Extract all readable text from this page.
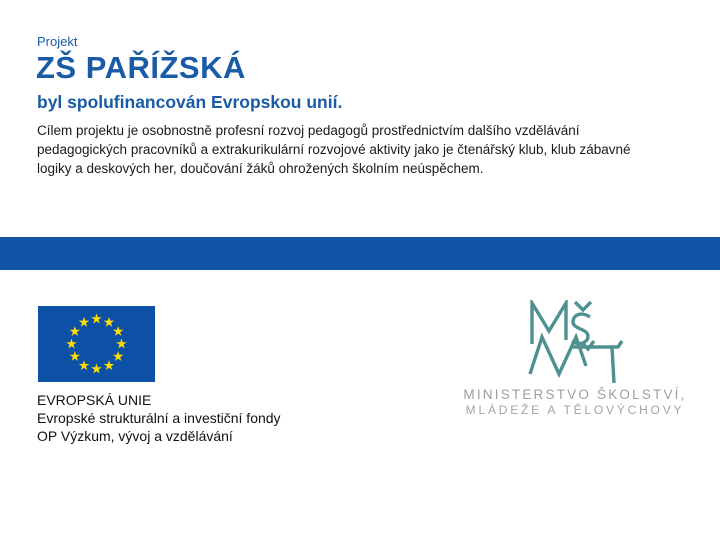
Projekt
ZŠ PAŘÍŽSKÁ
byl spolufinancován Evropskou unií.
Cílem projektu je osobnostně profesní rozvoj pedagogů prostřednictvím dalšího vzdělávání pedagogických pracovníků a extrakurikulární rozvojové aktivity jako je čtenářský klub, klub zábavné logiky a deskových her, doučování žáků ohrožených školním neúspěchem.
EVROPSKÁ UNIE
Evropské strukturální a investiční fondy
OP Výzkum, vývoj a vzdělávání
MINISTERSTVO ŠKOLSTVÍ,
MLÁDEŽE A TĚLOVÝCHOVY
